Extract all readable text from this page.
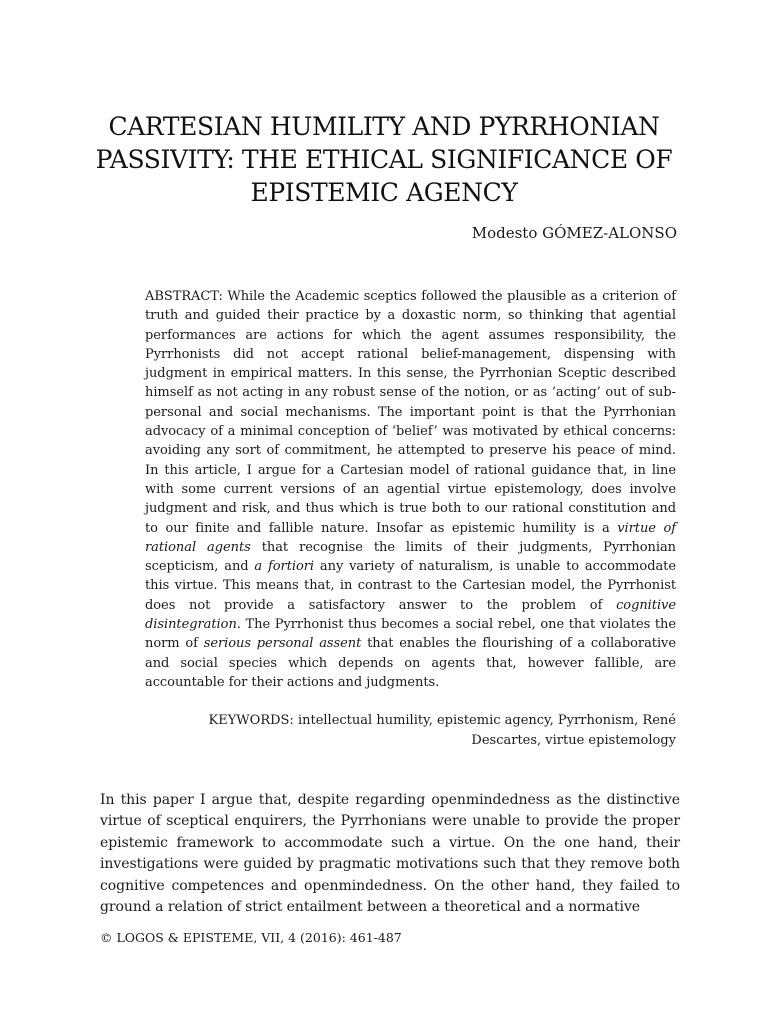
CARTESIAN HUMILITY AND PYRRHONIAN PASSIVITY: THE ETHICAL SIGNIFICANCE OF EPISTEMIC AGENCY
Modesto GÓMEZ-ALONSO

ABSTRACT: While the Academic sceptics followed the plausible as a criterion of truth and guided their practice by a doxastic norm, so thinking that agential performances are actions for which the agent assumes responsibility, the Pyrrhonists did not accept rational belief-management, dispensing with judgment in empirical matters. In this sense, the Pyrrhonian Sceptic described himself as not acting in any robust sense of the notion, or as ‘acting’ out of sub-personal and social mechanisms. The important point is that the Pyrrhonian advocacy of a minimal conception of ‘belief’ was motivated by ethical concerns: avoiding any sort of commitment, he attempted to preserve his peace of mind. In this article, I argue for a Cartesian model of rational guidance that, in line with some current versions of an agential virtue epistemology, does involve judgment and risk, and thus which is true both to our rational constitution and to our finite and fallible nature. Insofar as epistemic humility is a virtue of rational agents that recognise the limits of their judgments, Pyrrhonian scepticism, and a fortiori any variety of naturalism, is unable to accommodate this virtue. This means that, in contrast to the Cartesian model, the Pyrrhonist does not provide a satisfactory answer to the problem of cognitive disintegration. The Pyrrhonist thus becomes a social rebel, one that violates the norm of serious personal assent that enables the flourishing of a collaborative and social species which depends on agents that, however fallible, are accountable for their actions and judgments.

KEYWORDS: intellectual humility, epistemic agency, Pyrrhonism, René
Descartes, virtue epistemology

In this paper I argue that, despite regarding openmindedness as the distinctive virtue of sceptical enquirers, the Pyrrhonians were unable to provide the proper epistemic framework to accommodate such a virtue. On the one hand, their investigations were guided by pragmatic motivations such that they remove both cognitive competences and openmindedness. On the other hand, they failed to ground a relation of strict entailment between a theoretical and a normative

© LOGOS & EPISTEME, VII, 4 (2016): 461-487
